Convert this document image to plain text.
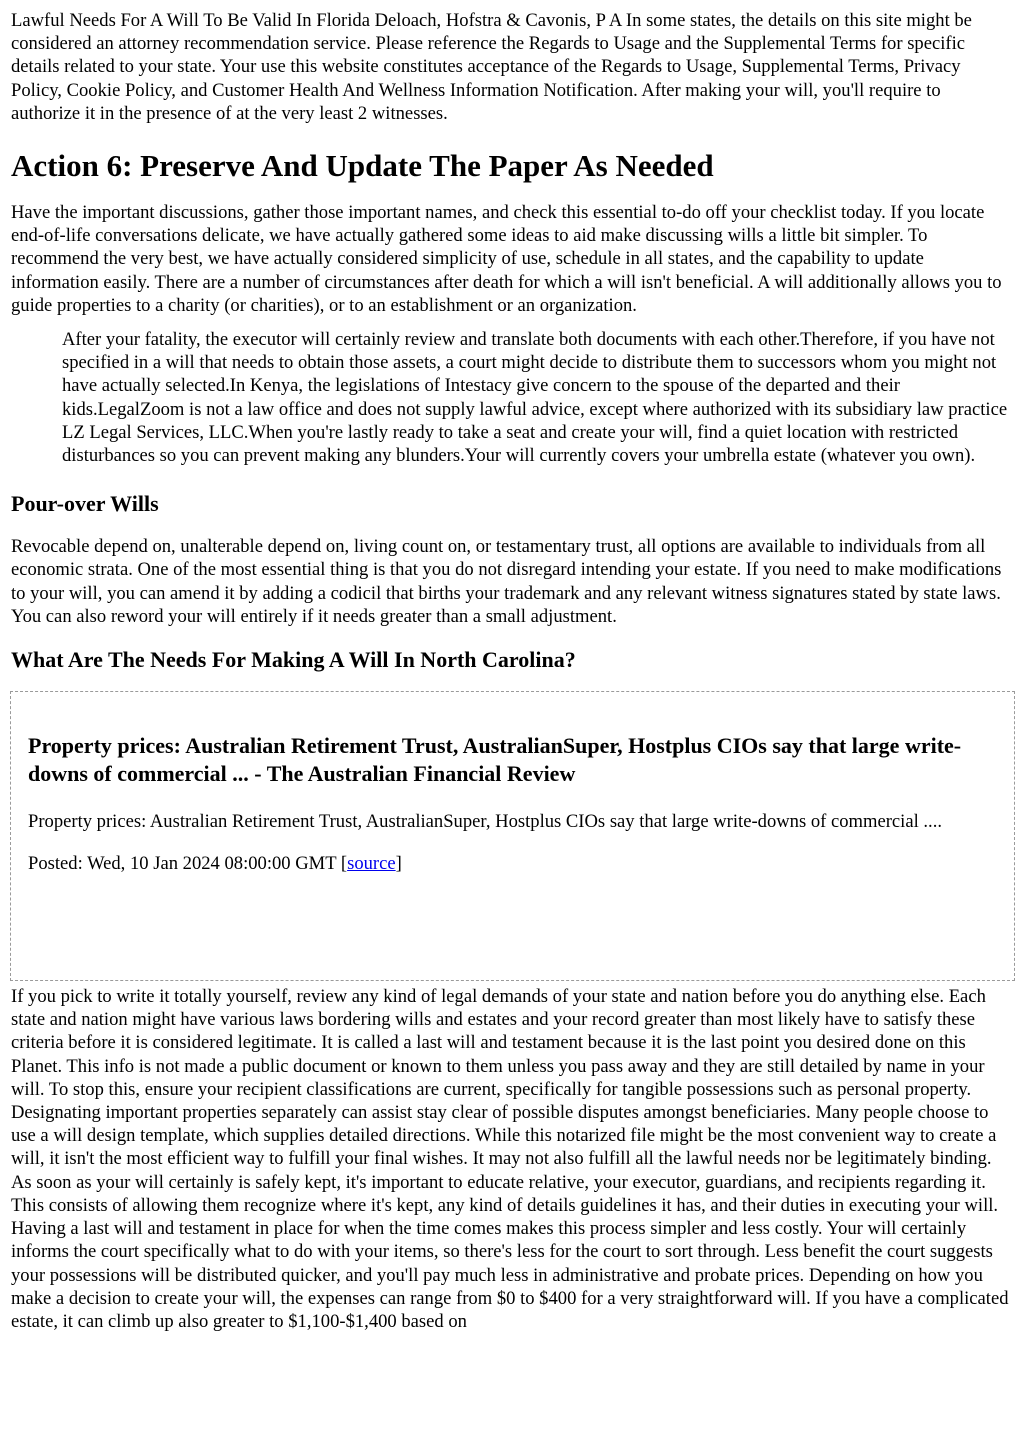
Lawful Needs For A Will To Be Valid In Florida Deloach, Hofstra & Cavonis, P A In some states, the details on this site might be considered an attorney recommendation service. Please reference the Regards to Usage and the Supplemental Terms for specific details related to your state. Your use this website constitutes acceptance of the Regards to Usage, Supplemental Terms, Privacy Policy, Cookie Policy, and Customer Health And Wellness Information Notification. After making your will, you'll require to authorize it in the presence of at the very least 2 witnesses.

Action 6: Preserve And Update The Paper As Needed

Have the important discussions, gather those important names, and check this essential to-do off your checklist today. If you locate end-of-life conversations delicate, we have actually gathered some ideas to aid make discussing wills a little bit simpler. To recommend the very best, we have actually considered simplicity of use, schedule in all states, and the capability to update information easily. There are a number of circumstances after death for which a will isn't beneficial. A will additionally allows you to guide properties to a charity (or charities), or to an establishment or an organization.

After your fatality, the executor will certainly review and translate both documents with each other.Therefore, if you have not specified in a will that needs to obtain those assets, a court might decide to distribute them to successors whom you might not have actually selected.In Kenya, the legislations of Intestacy give concern to the spouse of the departed and their kids.LegalZoom is not a law office and does not supply lawful advice, except where authorized with its subsidiary law practice LZ Legal Services, LLC.When you're lastly ready to take a seat and create your will, find a quiet location with restricted disturbances so you can prevent making any blunders.Your will currently covers your umbrella estate (whatever you own).
Pour-over Wills

Revocable depend on, unalterable depend on, living count on, or testamentary trust, all options are available to individuals from all economic strata. One of the most essential thing is that you do not disregard intending your estate. If you need to make modifications to your will, you can amend it by adding a codicil that births your trademark and any relevant witness signatures stated by state laws. You can also reword your will entirely if it needs greater than a small adjustment.

What Are The Needs For Making A Will In North Carolina?
Property prices: Australian Retirement Trust, AustralianSuper, Hostplus CIOs say that large write-downs of commercial ... - The Australian Financial Review

Property prices: Australian Retirement Trust, AustralianSuper, Hostplus CIOs say that large write-downs of commercial ....

Posted: Wed, 10 Jan 2024 08:00:00 GMT [source]

If you pick to write it totally yourself, review any kind of legal demands of your state and nation before you do anything else. Each state and nation might have various laws bordering wills and estates and your record greater than most likely have to satisfy these criteria before it is considered legitimate. It is called a last will and testament because it is the last point you desired done on this Planet. This info is not made a public document or known to them unless you pass away and they are still detailed by name in your will. To stop this, ensure your recipient classifications are current, specifically for tangible possessions such as personal property. Designating important properties separately can assist stay clear of possible disputes amongst beneficiaries. Many people choose to use a will design template, which supplies detailed directions. While this notarized file might be the most convenient way to create a will, it isn't the most efficient way to fulfill your final wishes. It may not also fulfill all the lawful needs nor be legitimately binding. As soon as your will certainly is safely kept, it's important to educate relative, your executor, guardians, and recipients regarding it. This consists of allowing them recognize where it's kept, any kind of details guidelines it has, and their duties in executing your will. Having a last will and testament in place for when the time comes makes this process simpler and less costly. Your will certainly informs the court specifically what to do with your items, so there's less for the court to sort through. Less benefit the court suggests your possessions will be distributed quicker, and you'll pay much less in administrative and probate prices. Depending on how you make a decision to create your will, the expenses can range from $0 to $400 for a very straightforward will. If you have a complicated estate, it can climb up also greater to $1,100-$1,400 based on
